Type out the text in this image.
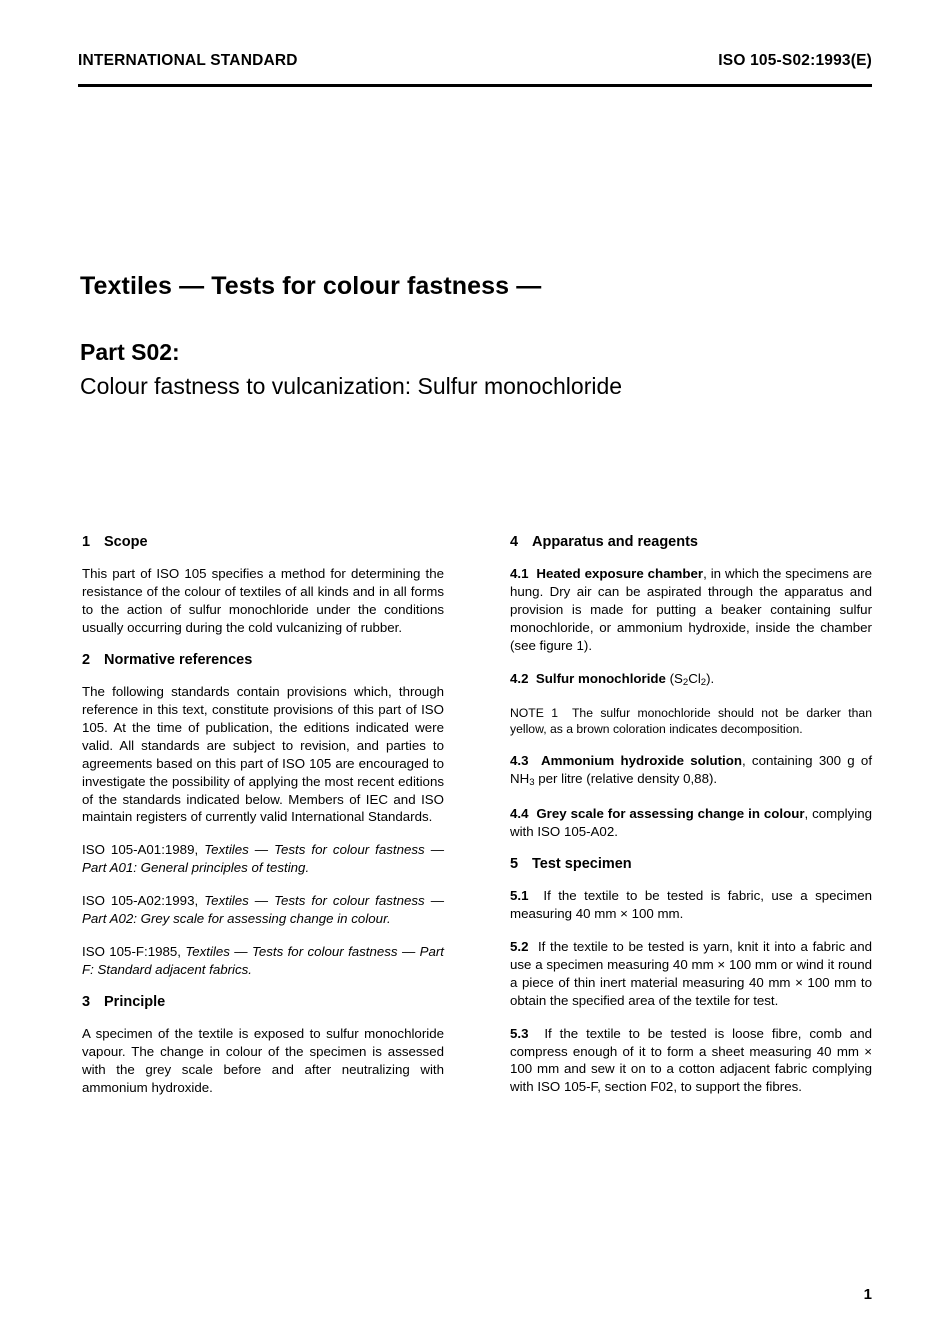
INTERNATIONAL STANDARD	ISO 105-S02:1993(E)
Textiles — Tests for colour fastness —
Part S02:
Colour fastness to vulcanization: Sulfur monochloride
1 Scope

This part of ISO 105 specifies a method for determining the resistance of the colour of textiles of all kinds and in all forms to the action of sulfur monochloride under the conditions usually occurring during the cold vulcanizing of rubber.

2 Normative references

The following standards contain provisions which, through reference in this text, constitute provisions of this part of ISO 105. At the time of publication, the editions indicated were valid. All standards are subject to revision, and parties to agreements based on this part of ISO 105 are encouraged to investigate the possibility of applying the most recent editions of the standards indicated below. Members of IEC and ISO maintain registers of currently valid International Standards.

ISO 105-A01:1989, Textiles — Tests for colour fastness — Part A01: General principles of testing.

ISO 105-A02:1993, Textiles — Tests for colour fastness — Part A02: Grey scale for assessing change in colour.

ISO 105-F:1985, Textiles — Tests for colour fastness — Part F: Standard adjacent fabrics.

3 Principle

A specimen of the textile is exposed to sulfur monochloride vapour. The change in colour of the specimen is assessed with the grey scale before and after neutralizing with ammonium hydroxide.

4 Apparatus and reagents

4.1 Heated exposure chamber, in which the specimens are hung. Dry air can be aspirated through the apparatus and provision is made for putting a beaker containing sulfur monochloride, or ammonium hydroxide, inside the chamber (see figure 1).

4.2 Sulfur monochloride $(S_2Cl_2)$.

NOTE 1 The sulfur monochloride should not be darker than yellow, as a brown coloration indicates decomposition.

4.3 Ammonium hydroxide solution, containing 300 g of $NH_3$ per litre (relative density 0,88).

4.4 Grey scale for assessing change in colour, complying with ISO 105-A02.

5 Test specimen

5.1 If the textile to be tested is fabric, use a specimen measuring 40 mm × 100 mm.

5.2 If the textile to be tested is yarn, knit it into a fabric and use a specimen measuring 40 mm × 100 mm or wind it round a piece of thin inert material measuring 40 mm × 100 mm to obtain the specified area of the textile for test.

5.3 If the textile to be tested is loose fibre, comb and compress enough of it to form a sheet measuring 40 mm × 100 mm and sew it on to a cotton adjacent fabric complying with ISO 105-F, section F02, to support the fibres.

1
